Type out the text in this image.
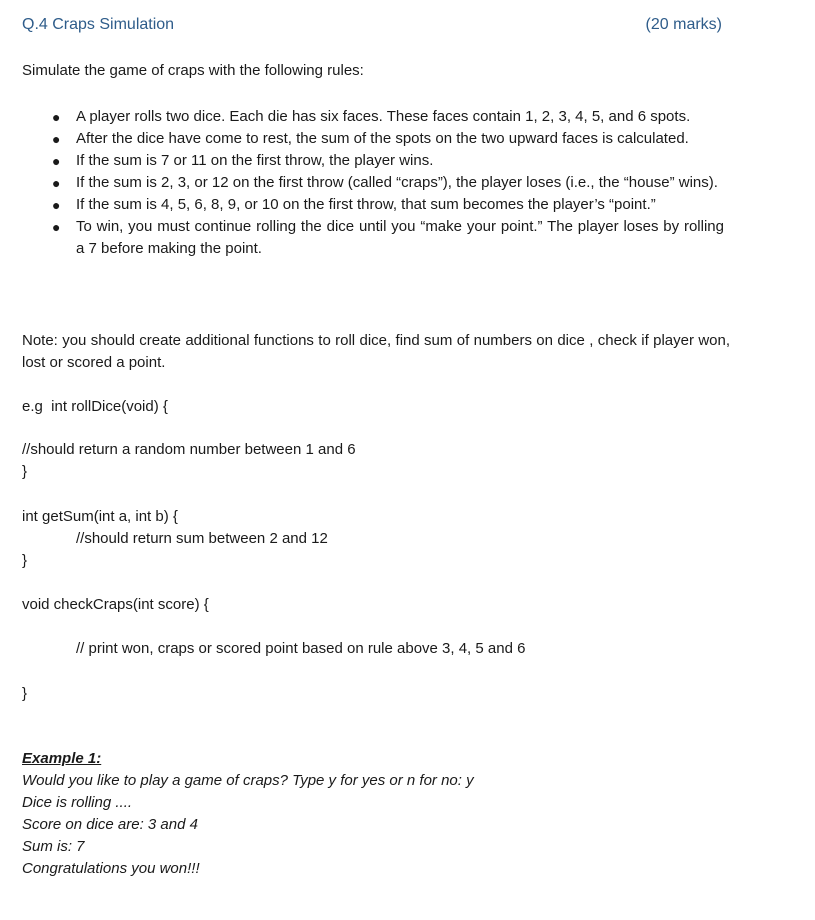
Q.4 Craps Simulation	(20 marks)
Simulate the game of craps with the following rules:
● A player rolls two dice. Each die has six faces. These faces contain 1, 2, 3, 4, 5, and 6 spots.
● After the dice have come to rest, the sum of the spots on the two upward faces is calculated.
● If the sum is 7 or 11 on the first throw, the player wins.
● If the sum is 2, 3, or 12 on the first throw (called “craps”), the player loses (i.e., the “house” wins).
● If the sum is 4, 5, 6, 8, 9, or 10 on the first throw, that sum becomes the player’s “point.”
● To win, you must continue rolling the dice until you “make your point.” The player loses by rolling a 7 before making the point.
Note: you should create additional functions to roll dice, find sum of numbers on dice , check if player won, lost or scored a point.
e.g  int rollDice(void) {
//should return a random number between 1 and 6
}
int getSum(int a, int b) {
//should return sum between 2 and 12
}
void checkCraps(int score) {
// print won, craps or scored point based on rule above 3, 4, 5 and 6
}
Example 1:
Would you like to play a game of craps? Type y for yes or n for no: y
Dice is rolling ....
Score on dice are: 3 and 4
Sum is: 7
Congratulations you won!!!
